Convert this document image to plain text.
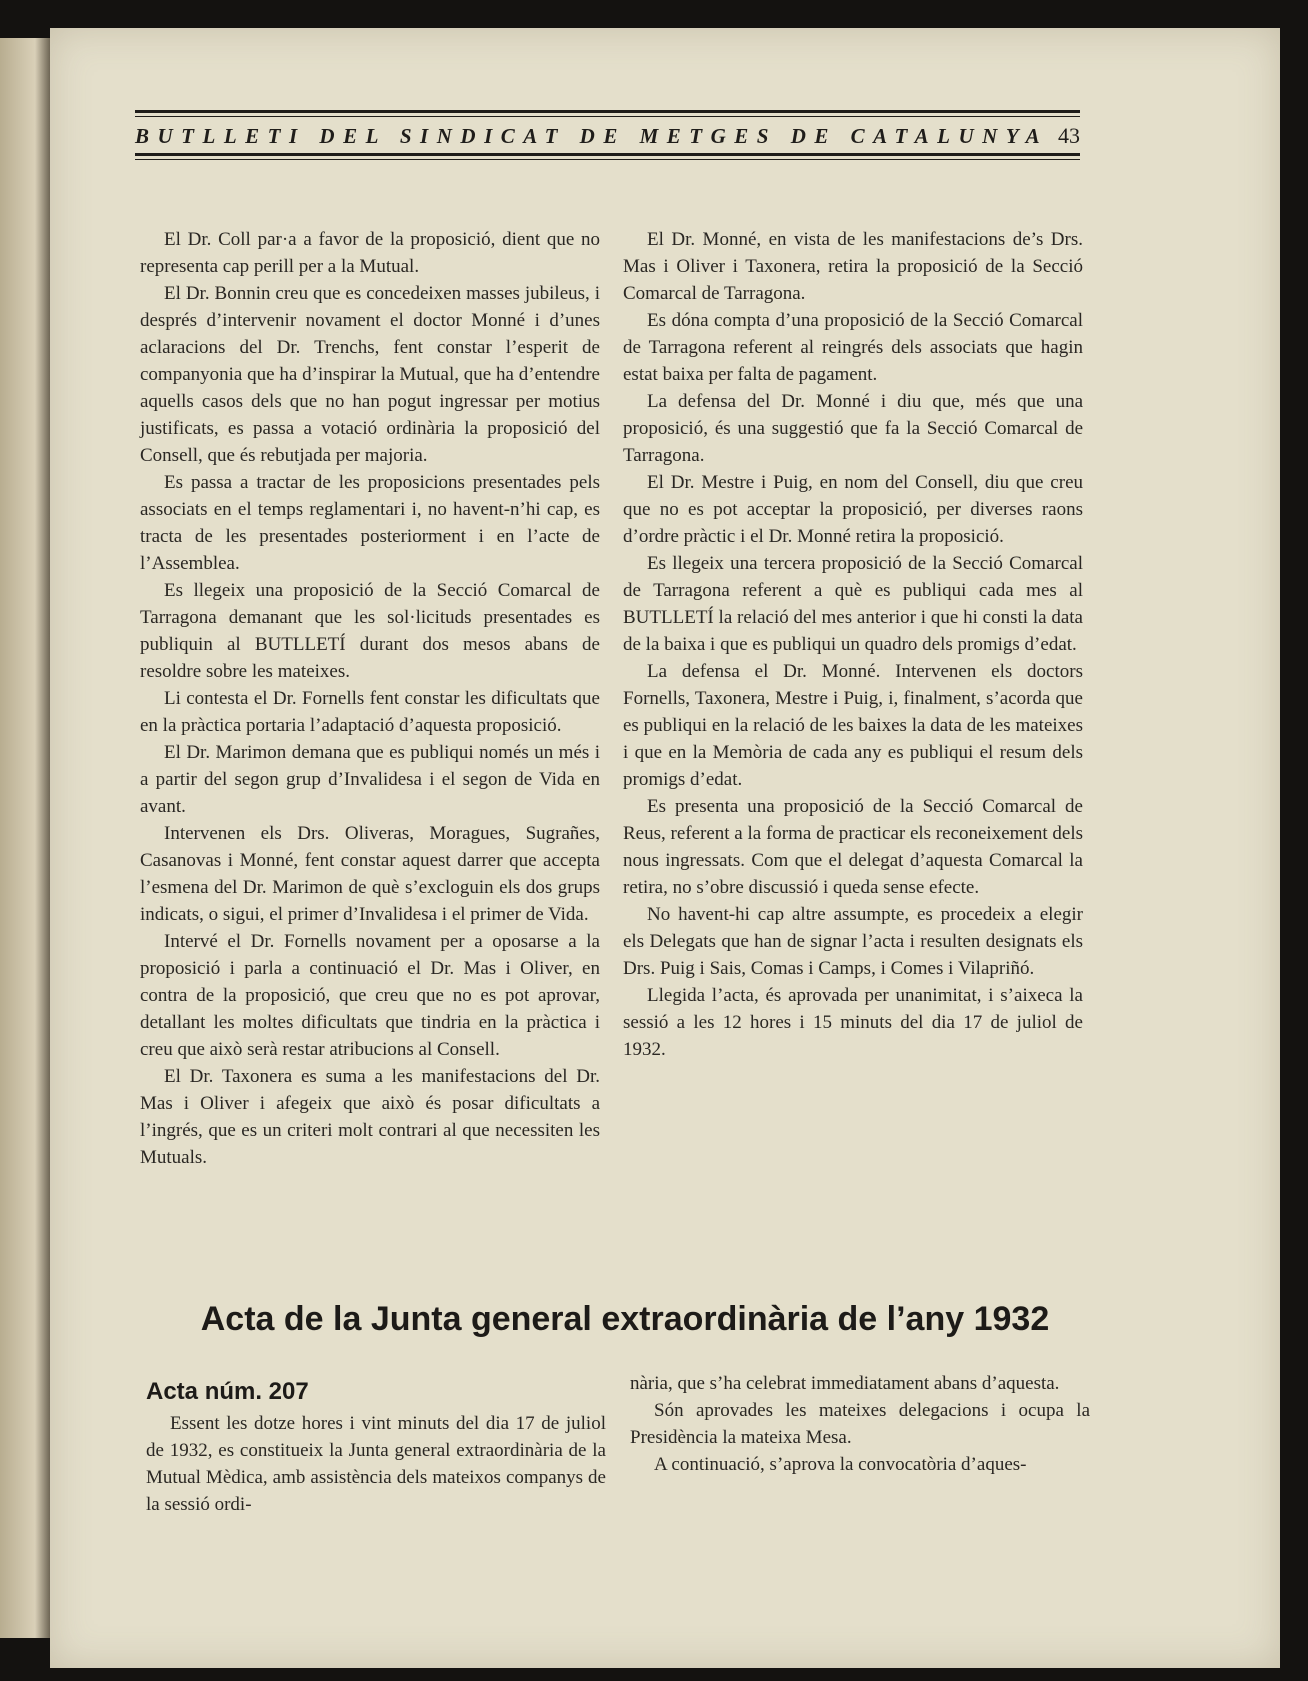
BUTLLETI DEL SINDICAT DE METGES DE CATALUNYA 43

El Dr. Coll par·a a favor de la proposició, dient que no representa cap perill per a la Mutual.

El Dr. Bonnin creu que es concedeixen masses jubileus, i després d’intervenir novament el doctor Monné i d’unes aclaracions del Dr. Trenchs, fent constar l’esperit de companyonia que ha d’inspirar la Mutual, que ha d’entendre aquells casos dels que no han pogut ingressar per motius justificats, es passa a votació ordinària la proposició del Consell, que és rebutjada per majoria.

Es passa a tractar de les proposicions presentades pels associats en el temps reglamentari i, no havent-n’hi cap, es tracta de les presentades posteriorment i en l’acte de l’Assemblea.

Es llegeix una proposició de la Secció Comarcal de Tarragona demanant que les sol·licituds presentades es publiquin al BUTLLETÍ durant dos mesos abans de resoldre sobre les mateixes.

Li contesta el Dr. Fornells fent constar les dificultats que en la pràctica portaria l’adaptació d’aquesta proposició.

El Dr. Marimon demana que es publiqui només un més i a partir del segon grup d’Invalidesa i el segon de Vida en avant.

Intervenen els Drs. Oliveras, Moragues, Sugrañes, Casanovas i Monné, fent constar aquest darrer que accepta l’esmena del Dr. Marimon de què s’excloguin els dos grups indicats, o sigui, el primer d’Invalidesa i el primer de Vida.

Intervé el Dr. Fornells novament per a oposarse a la proposició i parla a continuació el Dr. Mas i Oliver, en contra de la proposició, que creu que no es pot aprovar, detallant les moltes dificultats que tindria en la pràctica i creu que això serà restar atribucions al Consell.

El Dr. Taxonera es suma a les manifestacions del Dr. Mas i Oliver i afegeix que això és posar dificultats a l’ingrés, que es un criteri molt contrari al que necessiten les Mutuals.

El Dr. Monné, en vista de les manifestacions de’s Drs. Mas i Oliver i Taxonera, retira la proposició de la Secció Comarcal de Tarragona.

Es dóna compta d’una proposició de la Secció Comarcal de Tarragona referent al reingrés dels associats que hagin estat baixa per falta de pagament.

La defensa del Dr. Monné i diu que, més que una proposició, és una suggestió que fa la Secció Comarcal de Tarragona.

El Dr. Mestre i Puig, en nom del Consell, diu que creu que no es pot acceptar la proposició, per diverses raons d’ordre pràctic i el Dr. Monné retira la proposició.

Es llegeix una tercera proposició de la Secció Comarcal de Tarragona referent a què es publiqui cada mes al BUTLLETÍ la relació del mes anterior i que hi consti la data de la baixa i que es publiqui un quadro dels promigs d’edat.

La defensa el Dr. Monné. Intervenen els doctors Fornells, Taxonera, Mestre i Puig, i, finalment, s’acorda que es publiqui en la relació de les baixes la data de les mateixes i que en la Memòria de cada any es publiqui el resum dels promigs d’edat.

Es presenta una proposició de la Secció Comarcal de Reus, referent a la forma de practicar els reconeixement dels nous ingressats. Com que el delegat d’aquesta Comarcal la retira, no s’obre discussió i queda sense efecte.

No havent-hi cap altre assumpte, es procedeix a elegir els Delegats que han de signar l’acta i resulten designats els Drs. Puig i Sais, Comas i Camps, i Comes i Vilapriñó.

Llegida l’acta, és aprovada per unanimitat, i s’aixeca la sessió a les 12 hores i 15 minuts del dia 17 de juliol de 1932.

Acta de la Junta general extraordinària de l’any 1932
Acta núm. 207

Essent les dotze hores i vint minuts del dia 17 de juliol de 1932, es constitueix la Junta general extraordinària de la Mutual Mèdica, amb assistència dels mateixos companys de la sessió ordi-

nària, que s’ha celebrat immediatament abans d’aquesta.

Són aprovades les mateixes delegacions i ocupa la Presidència la mateixa Mesa.

A continuació, s’aprova la convocatòria d’aques-
